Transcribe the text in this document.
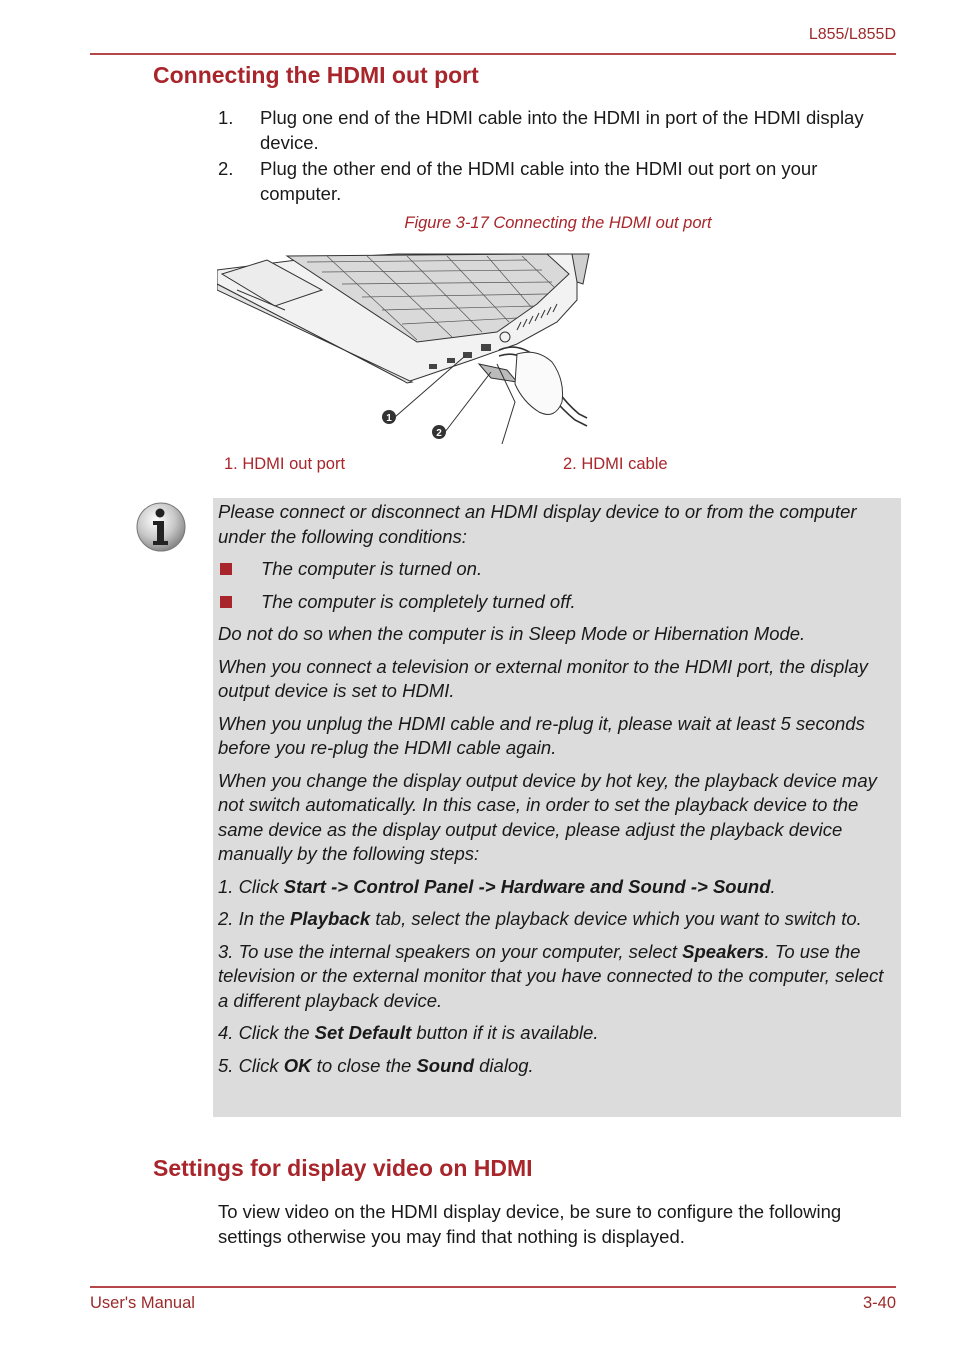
L855/L855D
Connecting the HDMI out port
1. Plug one end of the HDMI cable into the HDMI in port of the HDMI display device.
2. Plug the other end of the HDMI cable into the HDMI out port on your computer.
Figure 3-17 Connecting the HDMI out port
1
2
1. HDMI out port	2. HDMI cable

Please connect or disconnect an HDMI display device to or from the computer under the following conditions:

The computer is turned on.
The computer is completely turned off.

Do not do so when the computer is in Sleep Mode or Hibernation Mode.

When you connect a television or external monitor to the HDMI port, the display output device is set to HDMI.

When you unplug the HDMI cable and re-plug it, please wait at least 5 seconds before you re-plug the HDMI cable again.

When you change the display output device by hot key, the playback device may not switch automatically. In this case, in order to set the playback device to the same device as the display output device, please adjust the playback device manually by the following steps:

1. Click Start -> Control Panel -> Hardware and Sound -> Sound.

2. In the Playback tab, select the playback device which you want to switch to.

3. To use the internal speakers on your computer, select Speakers. To use the television or the external monitor that you have connected to the computer, select a different playback device.

4. Click the Set Default button if it is available.

5. Click OK to close the Sound dialog.

Settings for display video on HDMI
To view video on the HDMI display device, be sure to configure the following settings otherwise you may find that nothing is displayed.
User's Manual	3-40
